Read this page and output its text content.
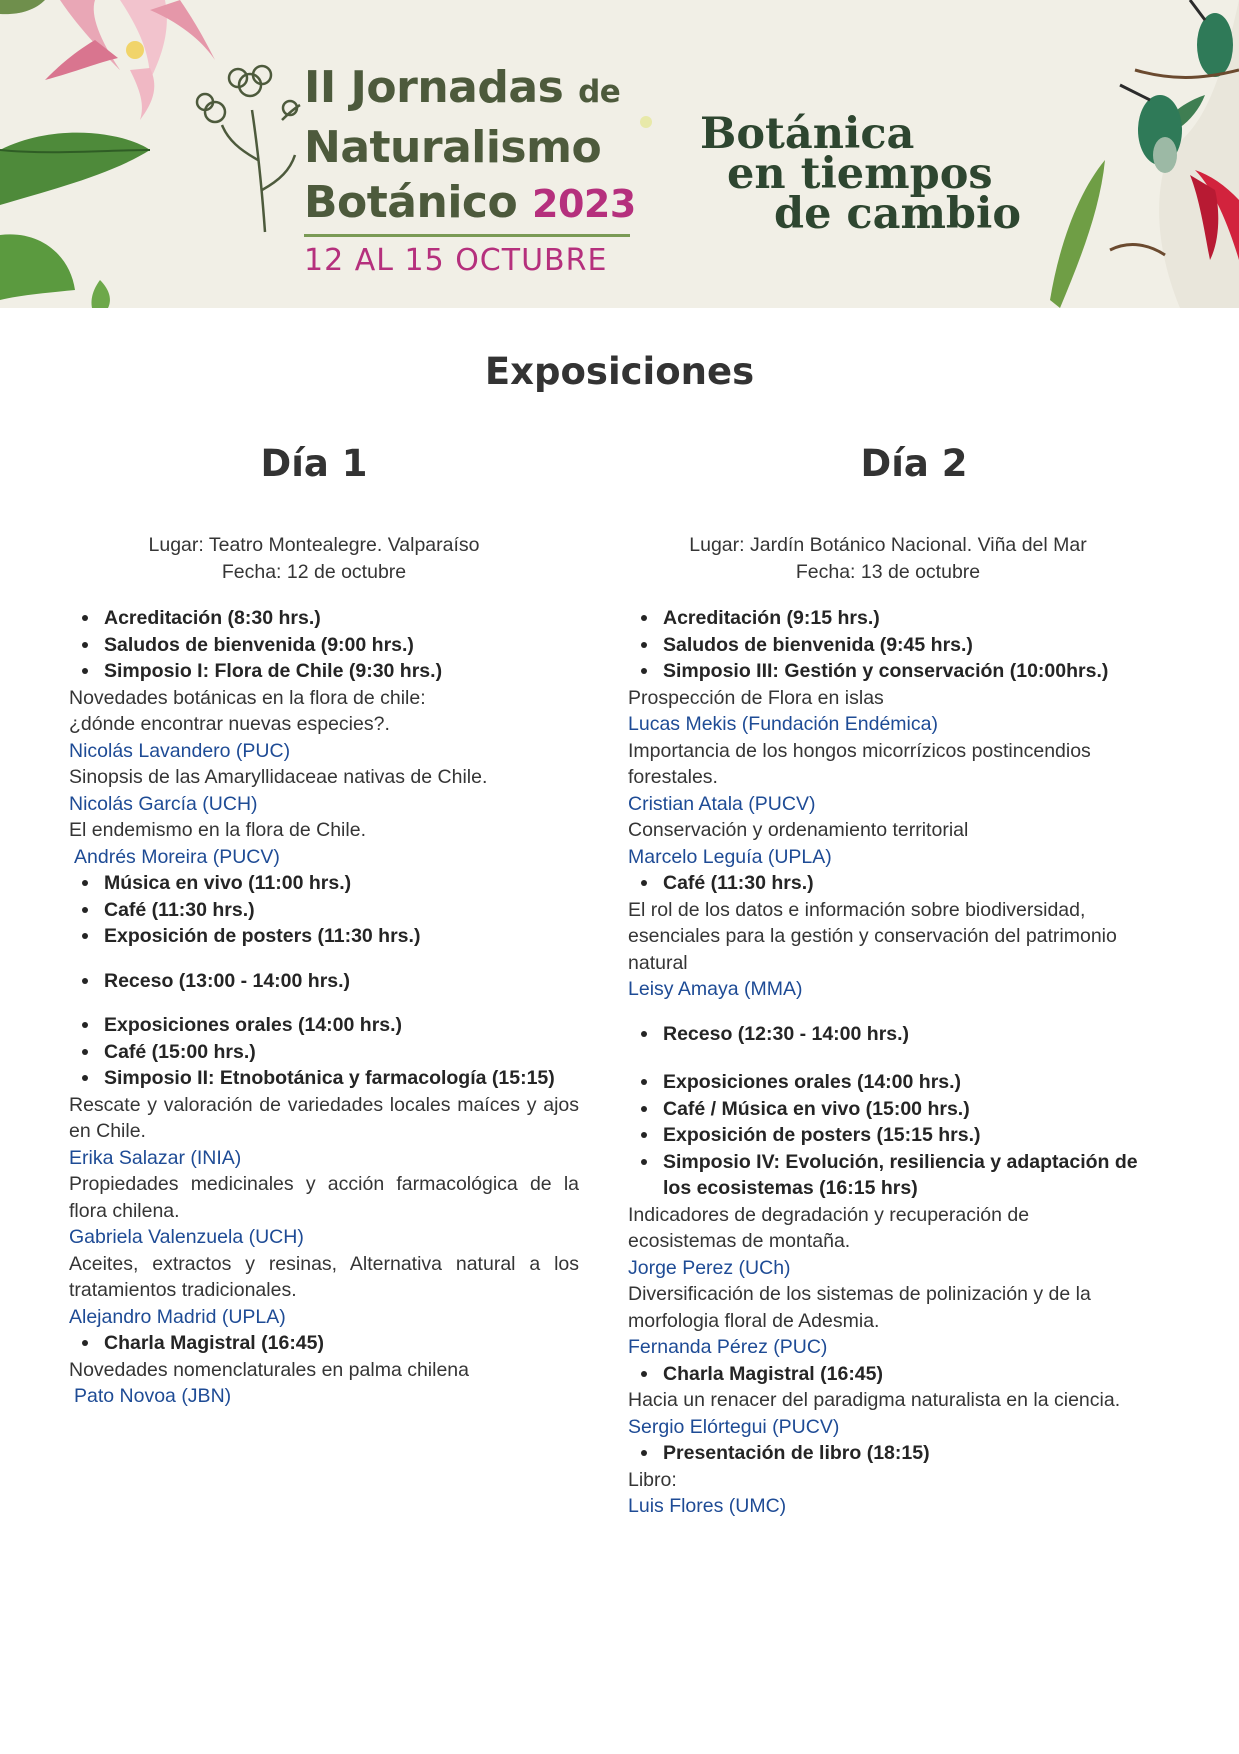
II Jornadas de
Naturalismo
Botánico 2023
12 AL 15 OCTUBRE
Botánica
en tiempos
de cambio
Exposiciones
Día 1	Día 2
Lugar: Teatro Montealegre. Valparaíso
Fecha: 12 de octubre
Acreditación (8:30 hrs.)
Saludos de bienvenida (9:00 hrs.)
Simposio I: Flora de Chile (9:30 hrs.)
Novedades botánicas en la flora de chile: ¿dónde encontrar nuevas especies?.
Nicolás Lavandero (PUC)
Sinopsis de las Amaryllidaceae nativas de Chile.
Nicolás García (UCH)
El endemismo en la flora de Chile.
Andrés Moreira (PUCV)
Música en vivo (11:00 hrs.)
Café (11:30 hrs.)
Exposición de posters (11:30 hrs.)
Receso (13:00 - 14:00 hrs.)
Exposiciones orales (14:00 hrs.)
Café (15:00 hrs.)
Simposio II: Etnobotánica y farmacología (15:15)
Rescate y valoración de variedades locales maíces y ajos en Chile.
Erika Salazar (INIA)
Propiedades medicinales y acción farmacológica de la flora chilena.
Gabriela Valenzuela (UCH)
Aceites, extractos y resinas, Alternativa natural a los tratamientos tradicionales.
Alejandro Madrid (UPLA)
Charla Magistral (16:45)
Novedades nomenclaturales en palma chilena
Pato Novoa (JBN)
Lugar: Jardín Botánico Nacional. Viña del Mar
Fecha: 13 de octubre
Acreditación (9:15 hrs.)
Saludos de bienvenida (9:45 hrs.)
Simposio III: Gestión y conservación (10:00hrs.)
Prospección de Flora en islas
Lucas Mekis (Fundación Endémica)
Importancia de los hongos micorrízicos postincendios forestales.
Cristian Atala (PUCV)
Conservación y ordenamiento territorial
Marcelo Leguía (UPLA)
Café (11:30 hrs.)
El rol de los datos e información sobre biodiversidad, esenciales para la gestión y conservación del patrimonio natural
Leisy Amaya (MMA)
Receso (12:30 - 14:00 hrs.)
Exposiciones orales (14:00 hrs.)
Café / Música en vivo (15:00 hrs.)
Exposición de posters (15:15 hrs.)
Simposio IV: Evolución, resiliencia y adaptación de los ecosistemas (16:15 hrs)
Indicadores de degradación y recuperación de ecosistemas de montaña.
Jorge Perez (UCh)
Diversificación de los sistemas de polinización y de la morfologia floral de Adesmia.
Fernanda Pérez (PUC)
Charla Magistral (16:45)
Hacia un renacer del paradigma naturalista en la ciencia.
Sergio Elórtegui (PUCV)
Presentación de libro (18:15)
Libro:
Luis Flores (UMC)
